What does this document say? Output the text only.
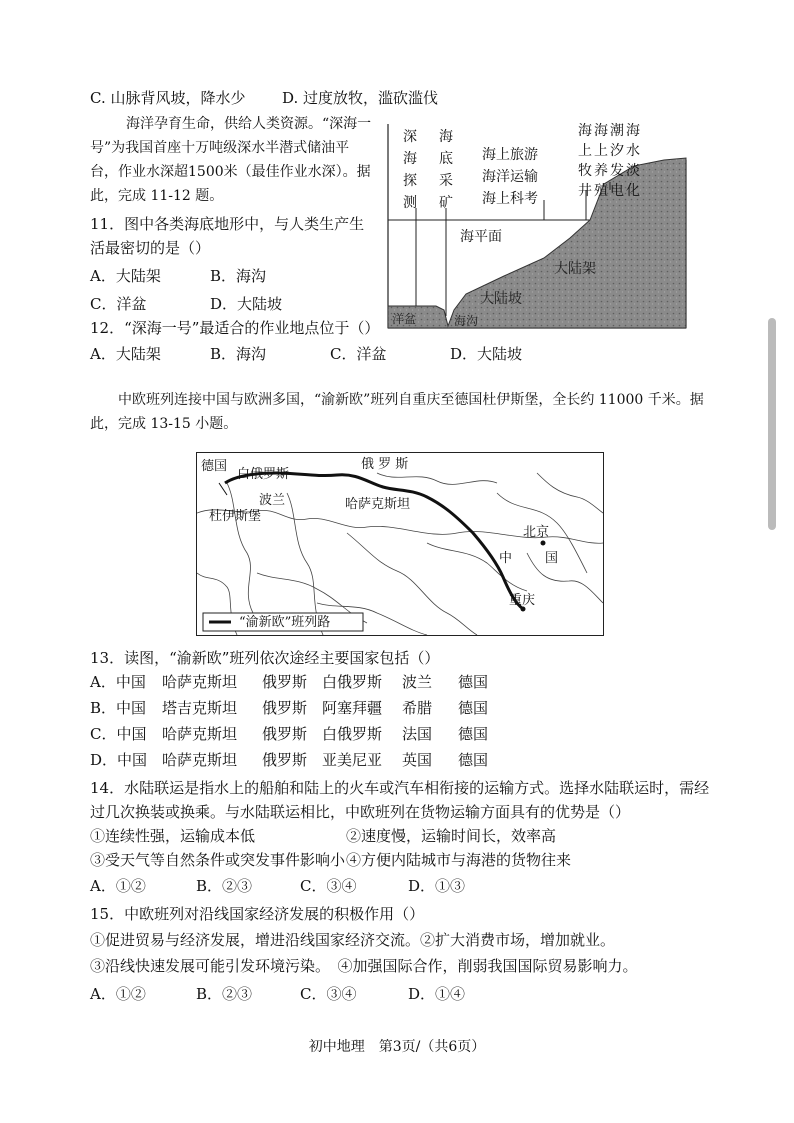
C. 山脉背风坡，降水少 D. 过度放牧，滥砍滥伐
海洋孕育生命，供给人类资源。“深海一号”为我国首座十万吨级深水半潜式储油平台，作业水深超1500米（最佳作业水深）。据此，完成 11-12 题。
11．图中各类海底地形中，与人类生产生活最密切的是（）
A．大陆架	B．海沟
C．洋盆	D．大陆坡
12．“深海一号”最适合的作业地点位于（）
A．大陆架	B．海沟	C．洋盆	D．大陆坡
深海探测
海底采矿
海上旅游
海洋运输
海上科考
海海潮海
上上汐水
牧养发淡
井殖电化
海平面
大陆架
大陆坡
洋盆	海沟
中欧班列连接中国与欧洲多国，“渝新欧”班列自重庆至德国杜伊斯堡，全长约 11000 千米。据此，完成 13-15 小题。
德国
白俄罗斯
俄 罗 斯
波兰
杜伊斯堡
哈萨克斯坦
北京
中	国
重庆
“渝新欧”班列路
13．读图，“渝新欧”班列依次途经主要国家包括（）
A．中国	哈萨克斯坦	俄罗斯 白俄罗斯	波兰	德国
B．中国	塔吉克斯坦	俄罗斯 阿塞拜疆	希腊	德国
C．中国	哈萨克斯坦	俄罗斯 白俄罗斯	法国	德国
D．中国 哈萨克斯坦	俄罗斯 亚美尼亚	英国	德国
14．水陆联运是指水上的船舶和陆上的火车或汽车相衔接的运输方式。选择水陆联运时，需经
过几次换装或换乘。与水陆联运相比，中欧班列在货物运输方面具有的优势是（）
①连续性强，运输成本低	②速度慢，运输时间长，效率高
③受天气等自然条件或突发事件影响小 ④方便内陆城市与海港的货物往来
A．①②	B．②③	C．③④	D．①③
15．中欧班列对沿线国家经济发展的积极作用（）
①促进贸易与经济发展，增进沿线国家经济交流。②扩大消费市场，增加就业。
③沿线快速发展可能引发环境污染。　④加强国际合作，削弱我国国际贸易影响力。
A．①②	B．②③	C．③④	D．①④
初中地理　第3页/（共6页）
